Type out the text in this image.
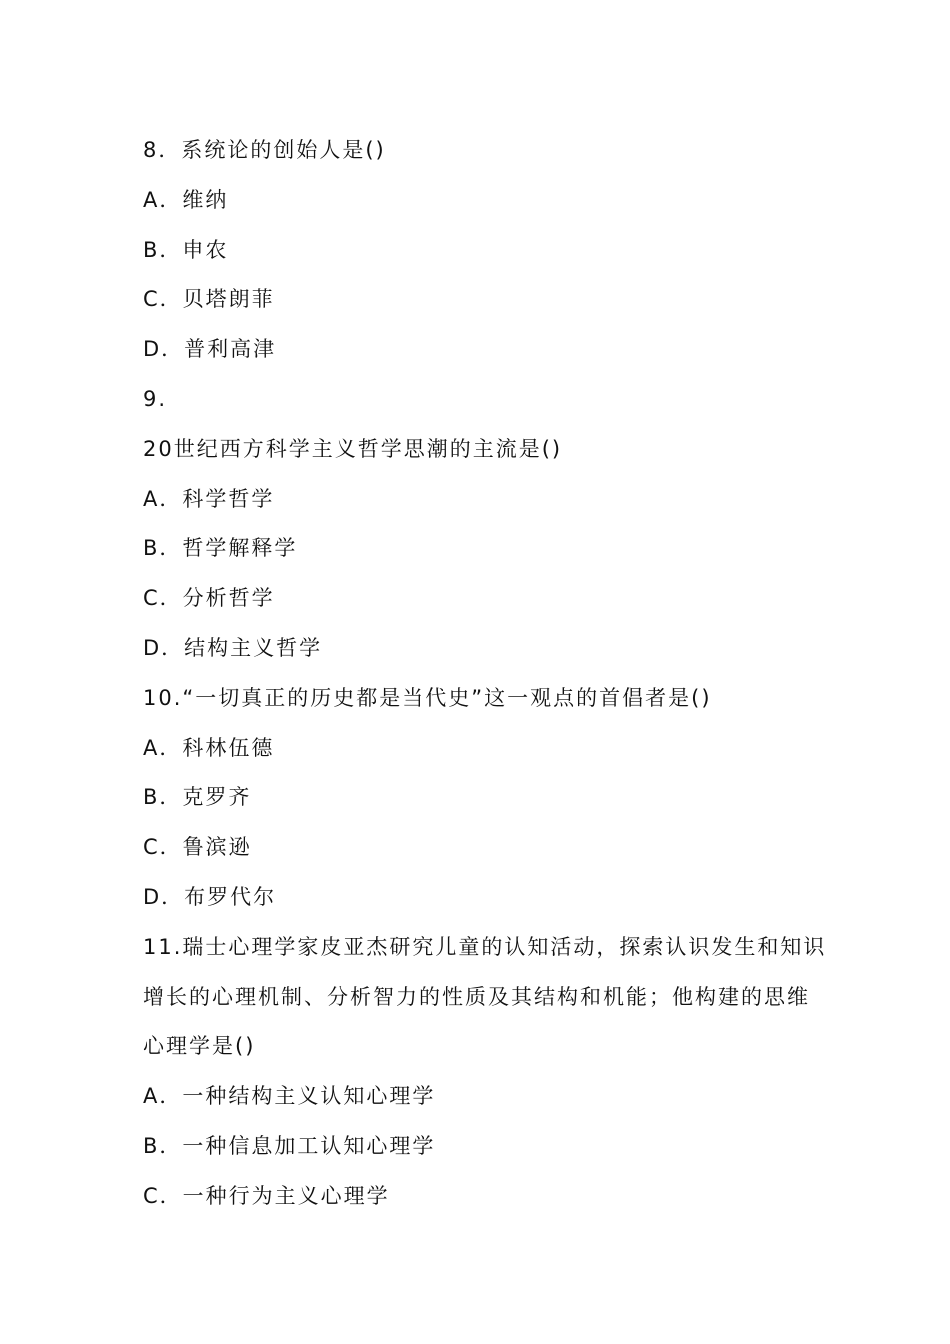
8．系统论的创始人是()
A．维纳
B．申农
C．贝塔朗菲
D．普利高津
9.
20世纪西方科学主义哲学思潮的主流是()
A．科学哲学
B．哲学解释学
C．分析哲学
D．结构主义哲学
10.“一切真正的历史都是当代史”这一观点的首倡者是()
A．科林伍德
B．克罗齐
C．鲁滨逊
D．布罗代尔
11.瑞士心理学家皮亚杰研究儿童的认知活动，探索认识发生和知识
增长的心理机制、分析智力的性质及其结构和机能；他构建的思维
心理学是()
A．一种结构主义认知心理学
B．一种信息加工认知心理学
C．一种行为主义心理学
